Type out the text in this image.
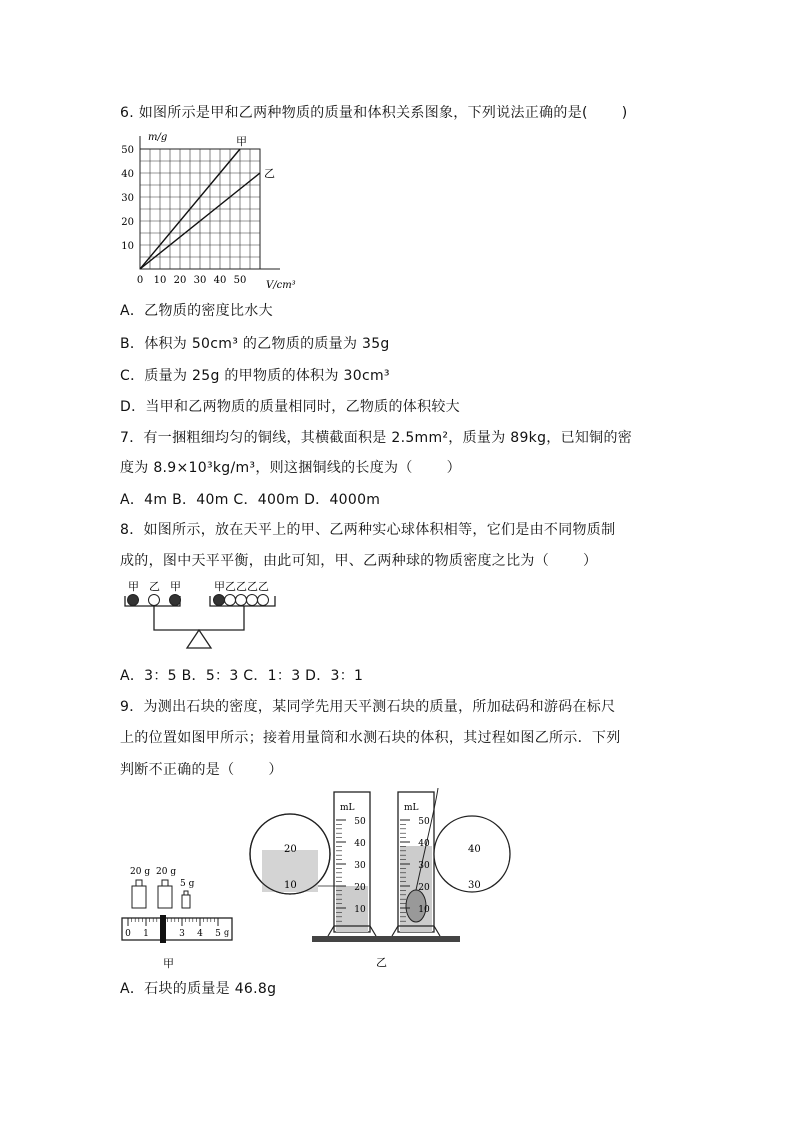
6. 如图所示是甲和乙两种物质的质量和体积关系图象，下列说法正确的是( )
0 10 20 30 40 50
10
20
30
40
50
甲
乙
m/g
V/cm³
A．乙物质的密度比水大
B．体积为 50cm³ 的乙物质的质量为 35g
C．质量为 25g 的甲物质的体积为 30cm³
D．当甲和乙两物质的质量相同时，乙物质的体积较大
7．有一捆粗细均匀的铜线，其横截面积是 2.5mm²，质量为 89kg，已知铜的密
度为 8.9×10³kg/m³，则这捆铜线的长度为（ ）
A．4m B．40m C．400m D．4000m
8．如图所示，放在天平上的甲、乙两种实心球体积相等，它们是由不同物质制
成的，图中天平平衡，由此可知，甲、乙两种球的物质密度之比为（ ）
甲 乙 甲	甲 乙 乙 乙 乙
A．3：5 B．5：3 C．1：3 D．3：1
9．为测出石块的密度，某同学先用天平测石块的质量，所加砝码和游码在标尺
上的位置如图甲所示；接着用量筒和水测石块的体积，其过程如图乙所示．下列
判断不正确的是（ ）
20 g 20 g
5 g
0 1	3 4 5 g
甲
50
40
30
20
10
50
40
30
20
10
mL	mL
20
10
40
30
乙
A．石块的质量是 46.8g
